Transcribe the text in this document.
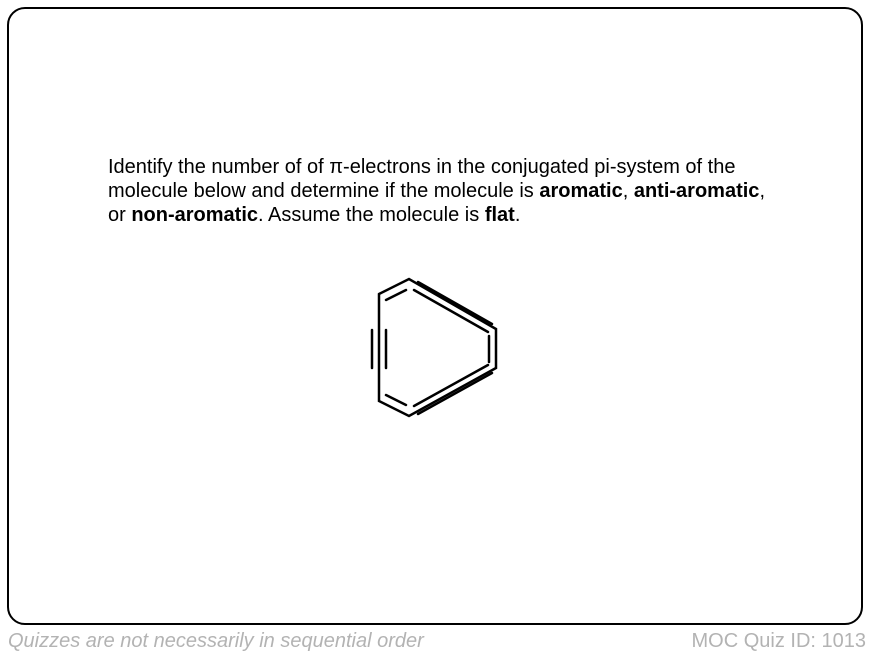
Identify the number of of π-electrons in the conjugated pi-system of the molecule below and determine if the molecule is aromatic, anti-aromatic, or non-aromatic. Assume the molecule is flat.

Quizzes are not necessarily in sequential order	MOC Quiz ID: 1013
